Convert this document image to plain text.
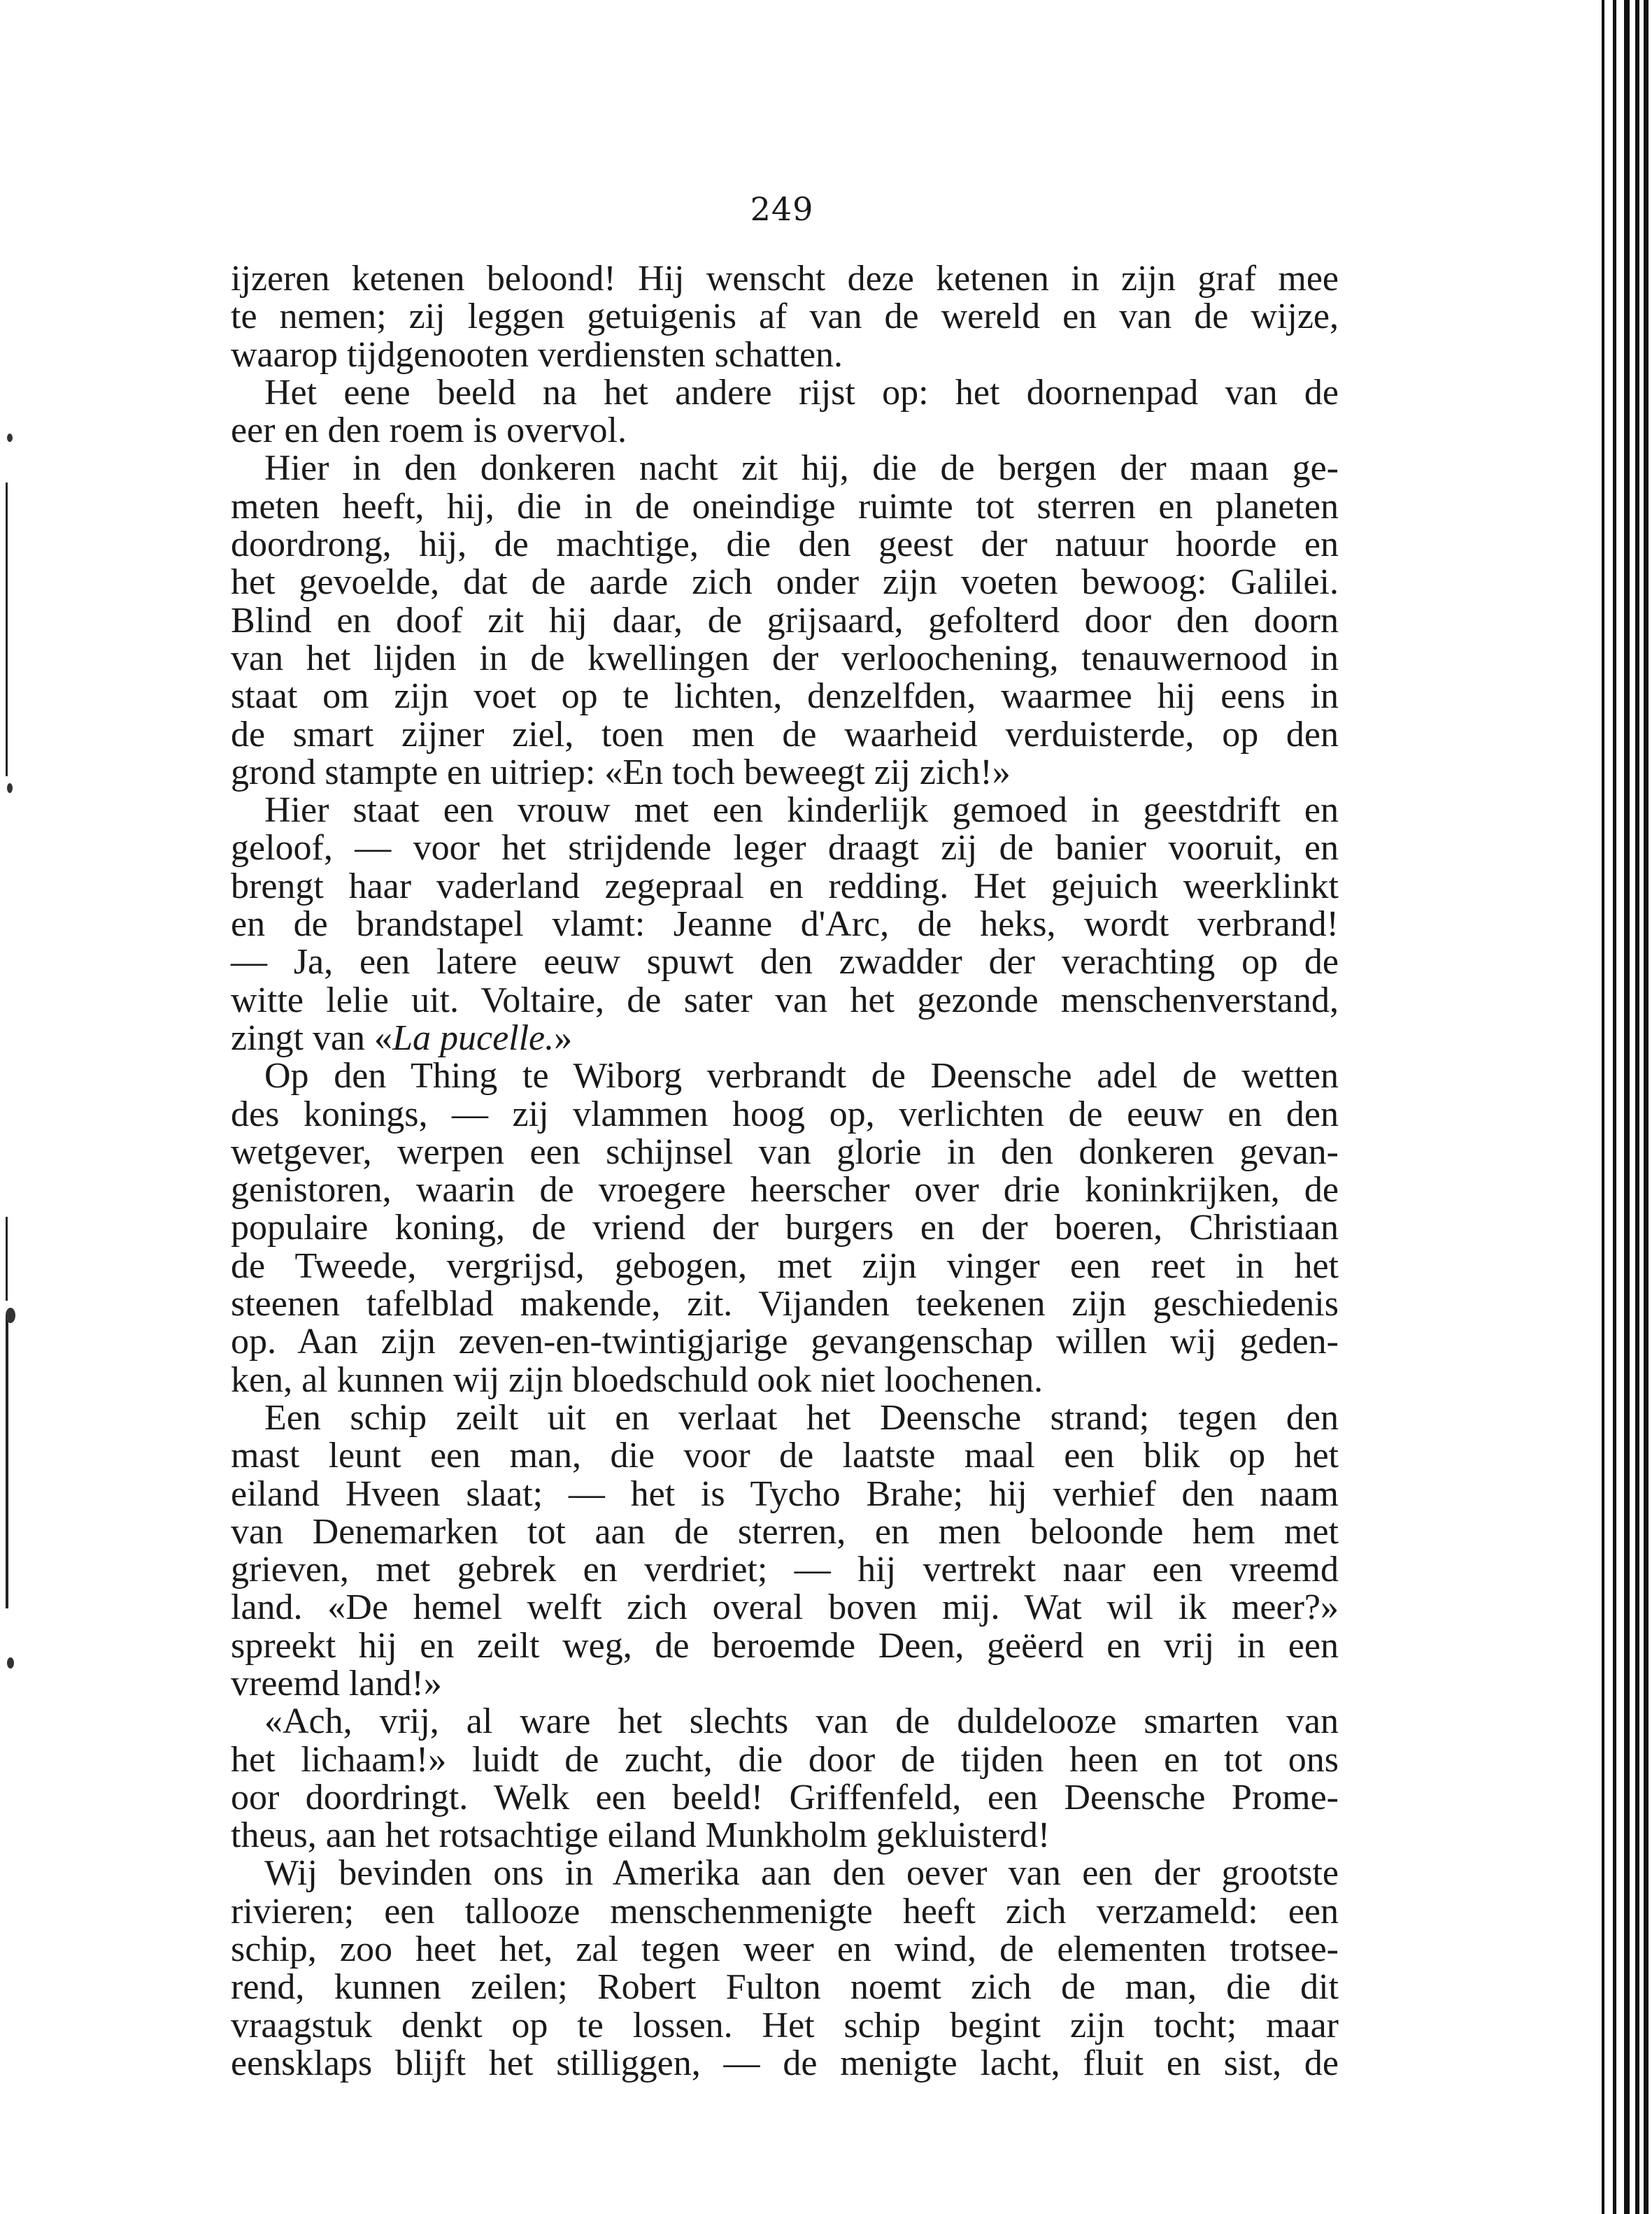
249
ijzeren ketenen beloond! Hij wenscht deze ketenen in zijn graf mee
te nemen; zij leggen getuigenis af van de wereld en van de wijze,
waarop tijdgenooten verdiensten schatten.
Het eene beeld na het andere rijst op: het doornenpad van de
eer en den roem is overvol.
Hier in den donkeren nacht zit hij, die de bergen der maan ge-
meten heeft, hij, die in de oneindige ruimte tot sterren en planeten
doordrong, hij, de machtige, die den geest der natuur hoorde en
het gevoelde, dat de aarde zich onder zijn voeten bewoog: Galilei.
Blind en doof zit hij daar, de grijsaard, gefolterd door den doorn
van het lijden in de kwellingen der verloochening, tenauwernood in
staat om zijn voet op te lichten, denzelfden, waarmee hij eens in
de smart zijner ziel, toen men de waarheid verduisterde, op den
grond stampte en uitriep: «En toch beweegt zij zich!»
Hier staat een vrouw met een kinderlijk gemoed in geestdrift en
geloof, — voor het strijdende leger draagt zij de banier vooruit, en
brengt haar vaderland zegepraal en redding. Het gejuich weerklinkt
en de brandstapel vlamt: Jeanne d'Arc, de heks, wordt verbrand!
— Ja, een latere eeuw spuwt den zwadder der verachting op de
witte lelie uit. Voltaire, de sater van het gezonde menschenverstand,
zingt van «La pucelle.»
Op den Thing te Wiborg verbrandt de Deensche adel de wetten
des konings, — zij vlammen hoog op, verlichten de eeuw en den
wetgever, werpen een schijnsel van glorie in den donkeren gevan-
genistoren, waarin de vroegere heerscher over drie koninkrijken, de
populaire koning, de vriend der burgers en der boeren, Christiaan
de Tweede, vergrijsd, gebogen, met zijn vinger een reet in het
steenen tafelblad makende, zit. Vijanden teekenen zijn geschiedenis
op. Aan zijn zeven-en-twintigjarige gevangenschap willen wij geden-
ken, al kunnen wij zijn bloedschuld ook niet loochenen.
Een schip zeilt uit en verlaat het Deensche strand; tegen den
mast leunt een man, die voor de laatste maal een blik op het
eiland Hveen slaat; — het is Tycho Brahe; hij verhief den naam
van Denemarken tot aan de sterren, en men beloonde hem met
grieven, met gebrek en verdriet; — hij vertrekt naar een vreemd
land. «De hemel welft zich overal boven mij. Wat wil ik meer?»
spreekt hij en zeilt weg, de beroemde Deen, geëerd en vrij in een
vreemd land!»
«Ach, vrij, al ware het slechts van de duldelooze smarten van
het lichaam!» luidt de zucht, die door de tijden heen en tot ons
oor doordringt. Welk een beeld! Griffenfeld, een Deensche Prome-
theus, aan het rotsachtige eiland Munkholm gekluisterd!
Wij bevinden ons in Amerika aan den oever van een der grootste
rivieren; een tallooze menschenmenigte heeft zich verzameld: een
schip, zoo heet het, zal tegen weer en wind, de elementen trotsee-
rend, kunnen zeilen; Robert Fulton noemt zich de man, die dit
vraagstuk denkt op te lossen. Het schip begint zijn tocht; maar
eensklaps blijft het stilliggen, — de menigte lacht, fluit en sist, de
